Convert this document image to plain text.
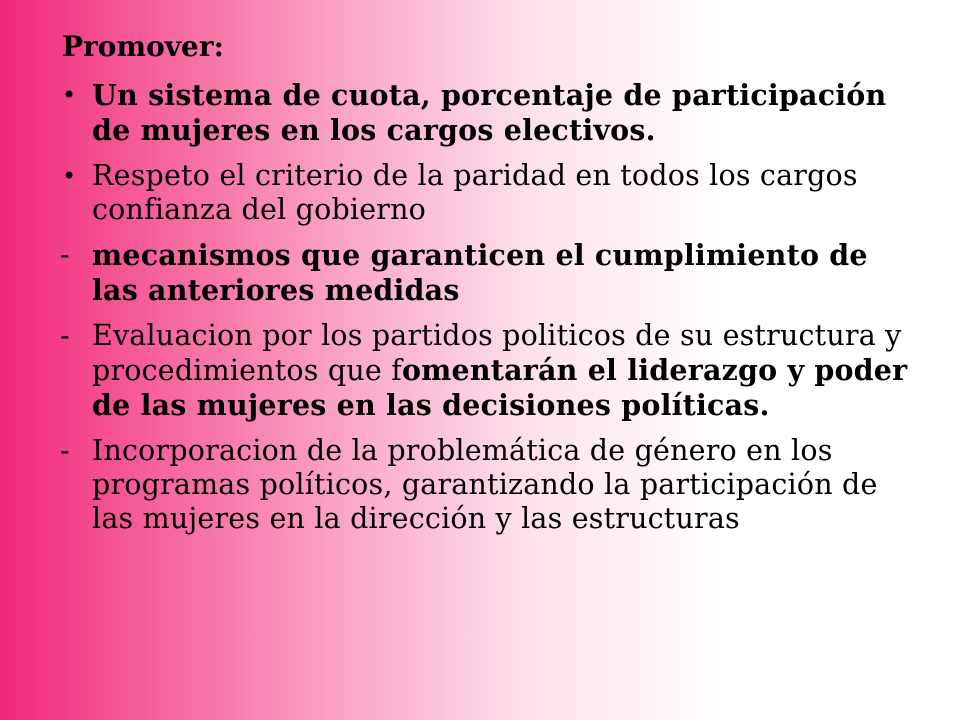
Promover:
• Un sistema de cuota, porcentaje de participación de mujeres en los cargos electivos.
• Respeto el criterio de la paridad en todos los cargos confianza del gobierno
- mecanismos que garanticen el cumplimiento de las anteriores medidas
- Evaluacion por los partidos politicos de su estructura y procedimientos que fomentarán el liderazgo y poder de las mujeres en las decisiones políticas.
- Incorporacion de la problemática de género en los programas políticos, garantizando la participación de las mujeres en la dirección y las estructuras
